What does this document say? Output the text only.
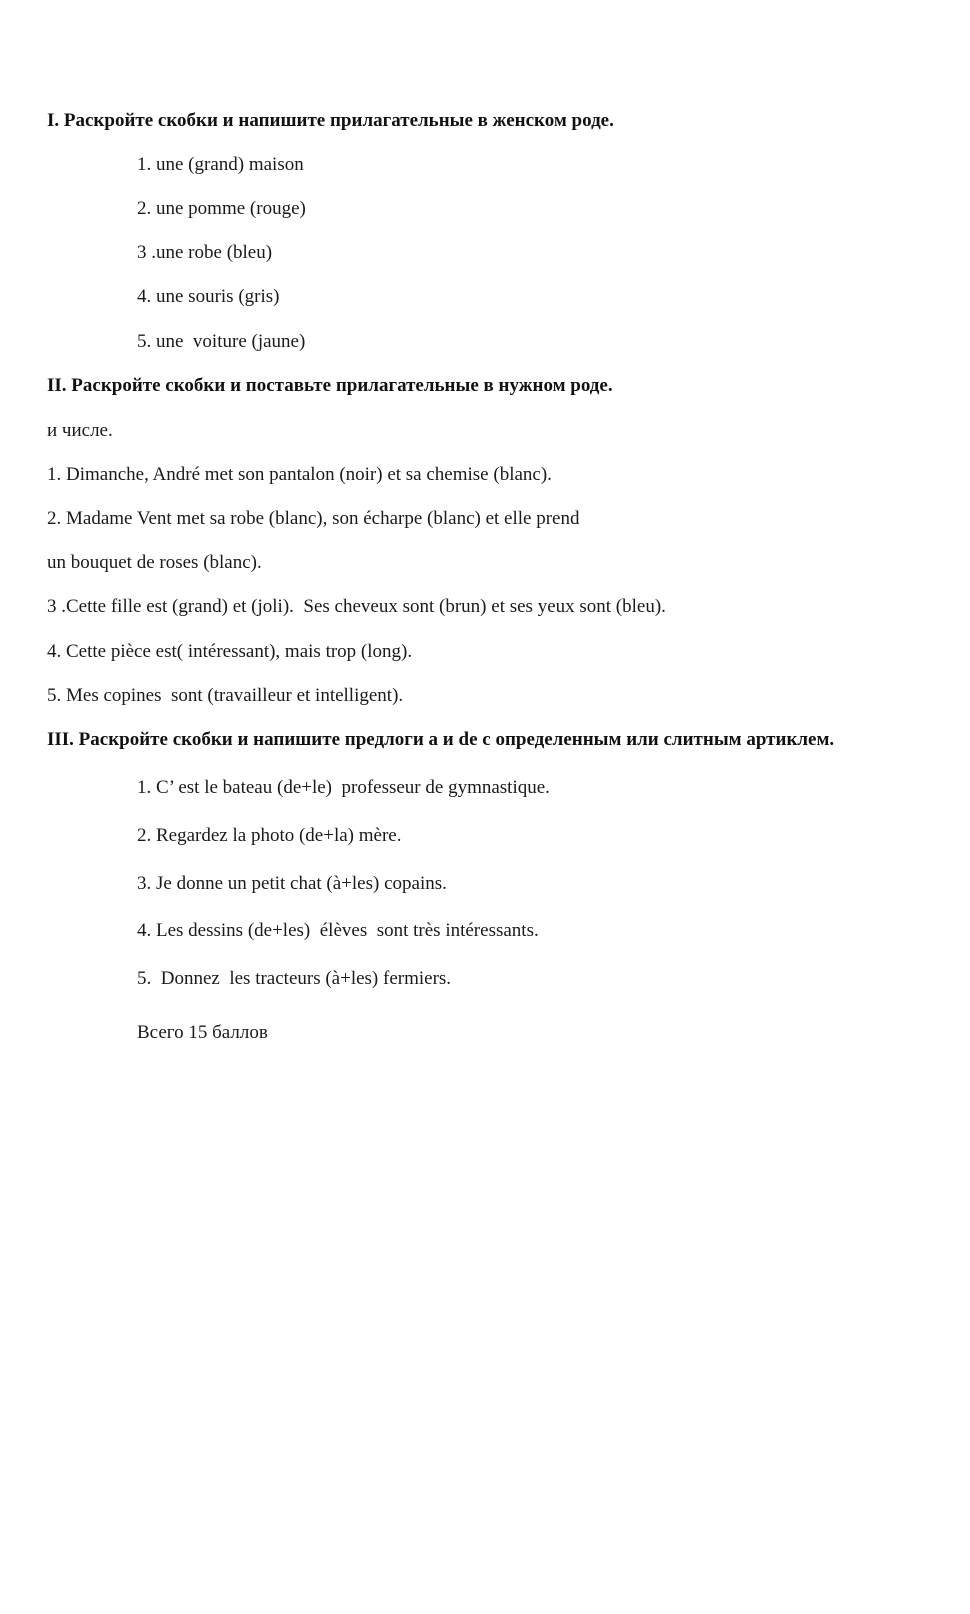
I. Раскройте скобки и напишите прилагательные в женском роде.
1. une (grand) maison
2. une pomme (rouge)
3 .une robe (bleu)
4. une souris (gris)
5. une  voiture (jaune)
II. Раскройте скобки и поставьте прилагательные в нужном роде.
и числе.
1. Dimanche, André met son pantalon (noir) et sa chemise (blanc).
2. Madame Vent met sa robe (blanc), son écharpe (blanc) et elle prend
un bouquet de roses (blanc).
3 .Cette fille est (grand) et (joli).  Ses cheveux sont (brun) et ses yeux sont (bleu).
4. Cette pièce est( intéressant), mais trop (long).
5. Mes copines  sont (travailleur et intelligent).
III. Раскройте скобки и напишите предлоги а и de с определенным или слитным артиклем.
1. C’ est le bateau (de+le)  professeur de gymnastique.
2. Regardez la photo (de+la) mère.
3. Je donne un petit chat (à+les) copains.
4. Les dessins (de+les)  élèves  sont très intéressants.
5.  Donnez  les tracteurs (à+les) fermiers.
Всего 15 баллов
